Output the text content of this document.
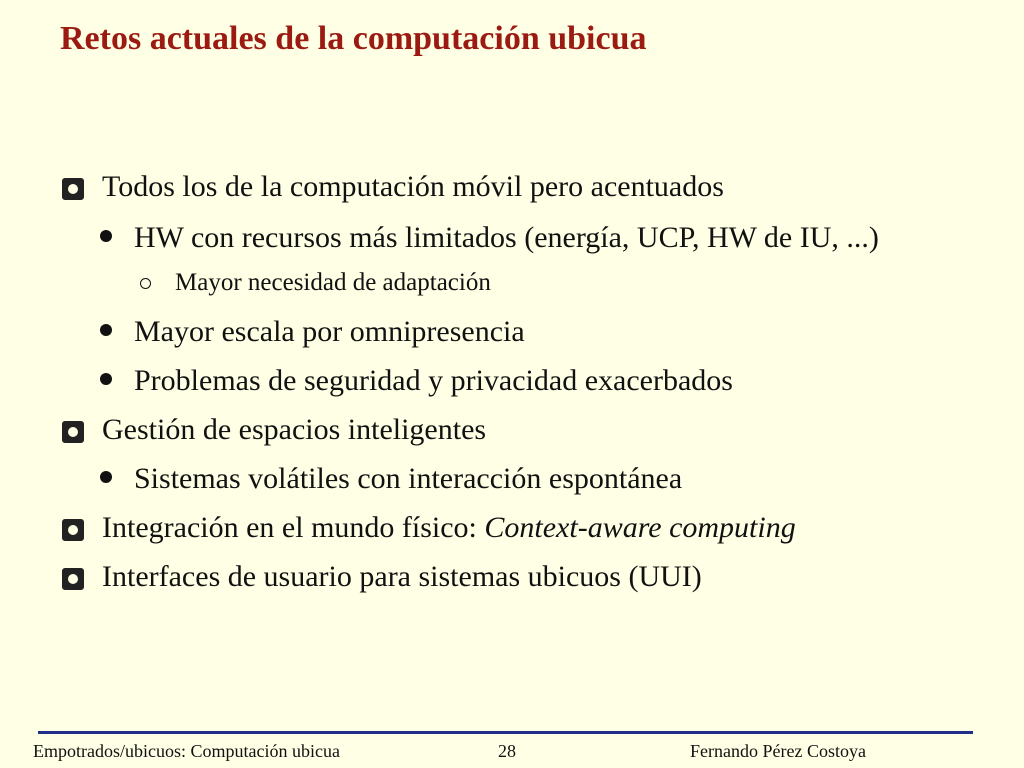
Retos actuales de la computación ubicua
Todos los de la computación móvil pero acentuados
HW con recursos más limitados (energía, UCP, HW de IU, ...)
Mayor necesidad de adaptación
Mayor escala por omnipresencia
Problemas de seguridad y privacidad exacerbados
Gestión de espacios inteligentes
Sistemas volátiles con interacción espontánea
Integración en el mundo físico: Context-aware computing
Interfaces de usuario para sistemas ubicuos (UUI)
Empotrados/ubicuos: Computación ubicua	28	Fernando Pérez Costoya
